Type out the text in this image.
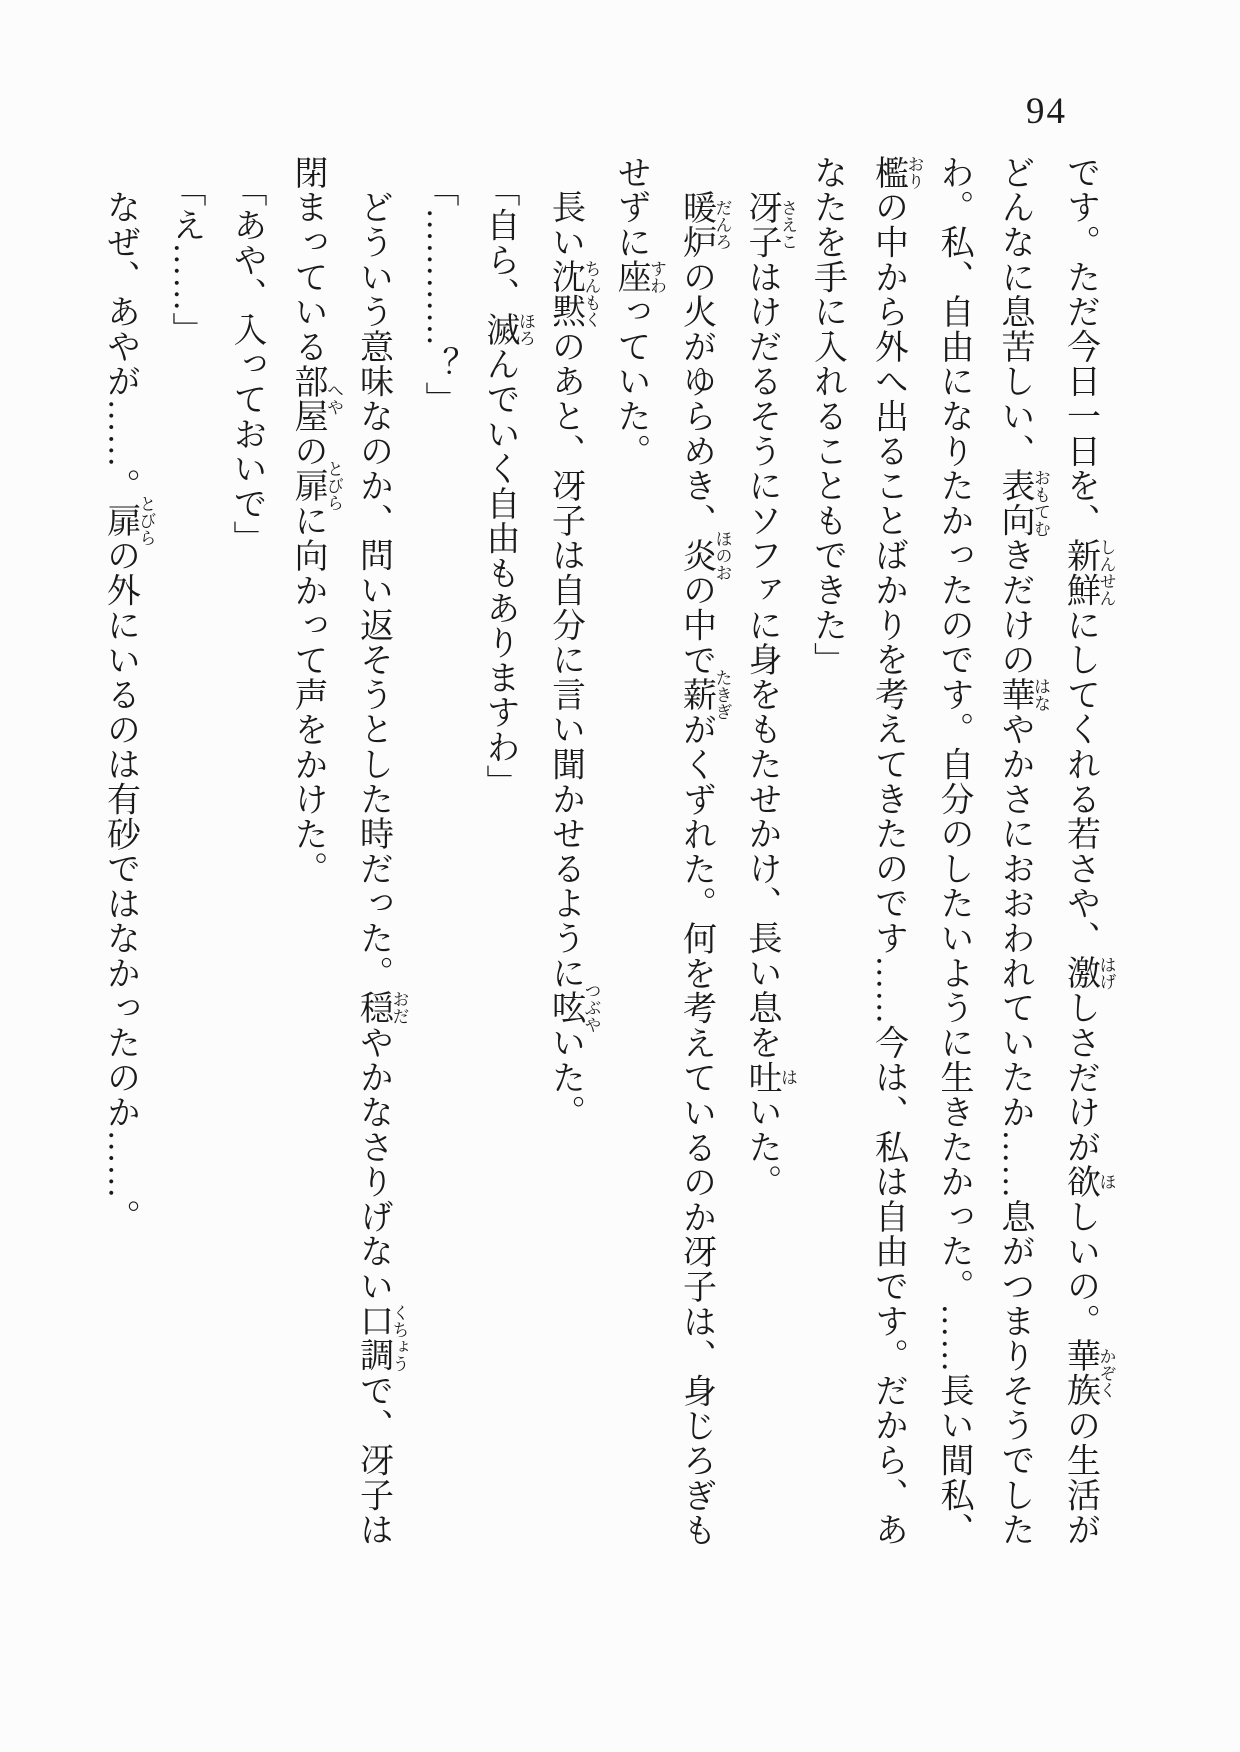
94
です。ただ今日一日を、新鮮しんせんにしてくれる若さや、激はげしさだけが欲ほしいの。華族かぞくの生活が
どんなに息苦しい、表向おもてむきだけの華はなやかさにおおわれていたか……息がつまりそうでした
わ。私、自由になりたかったのです。自分のしたいように生きたかった。……長い間私、
檻おりの中から外へ出ることばかりを考えてきたのです……今は、私は自由です。だから、あ
なたを手に入れることもできた」
　冴子さえこはけだるそうにソファに身をもたせかけ、長い息を吐はいた。
　暖炉だんろの火がゆらめき、炎ほのおの中で薪たきぎがくずれた。何を考えているのか冴子は、身じろぎも
せずに座すわっていた。
　長い沈黙ちんもくのあと、冴子は自分に言い聞かせるように呟つぶやいた。
　「自ら、滅ほろんでいく自由もありますわ」
　「…………？」
　どういう意味なのか、問い返そうとした時だった。穏おだやかなさりげない口調くちょうで、冴子は
閉まっている部屋へやの扉とびらに向かって声をかけた。
　「あや、入っておいで」
　「え……」
　なぜ、あやが……。扉とびらの外にいるのは有砂ではなかったのか……。
